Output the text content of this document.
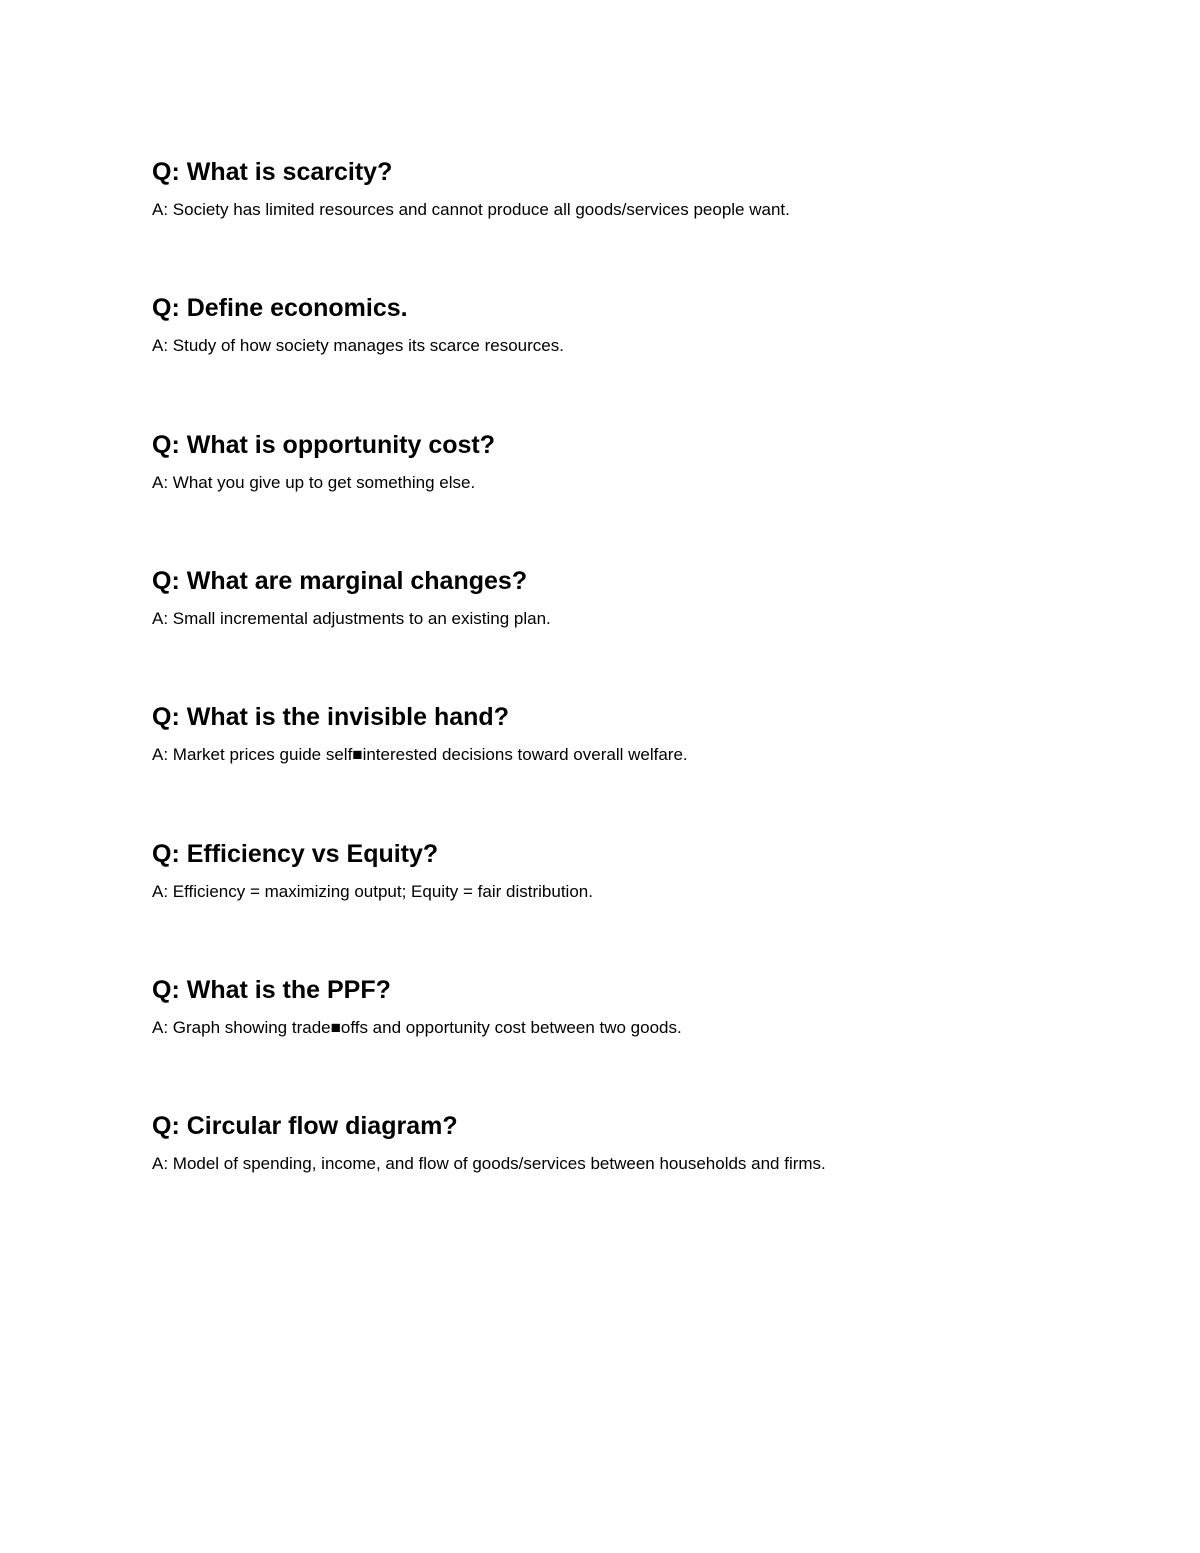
Q: What is scarcity?

A: Society has limited resources and cannot produce all goods/services people want.

Q: Define economics.

A: Study of how society manages its scarce resources.

Q: What is opportunity cost?

A: What you give up to get something else.

Q: What are marginal changes?

A: Small incremental adjustments to an existing plan.

Q: What is the invisible hand?

A: Market prices guide self■interested decisions toward overall welfare.

Q: Efficiency vs Equity?

A: Efficiency = maximizing output; Equity = fair distribution.

Q: What is the PPF?

A: Graph showing trade■offs and opportunity cost between two goods.

Q: Circular flow diagram?

A: Model of spending, income, and flow of goods/services between households and firms.
